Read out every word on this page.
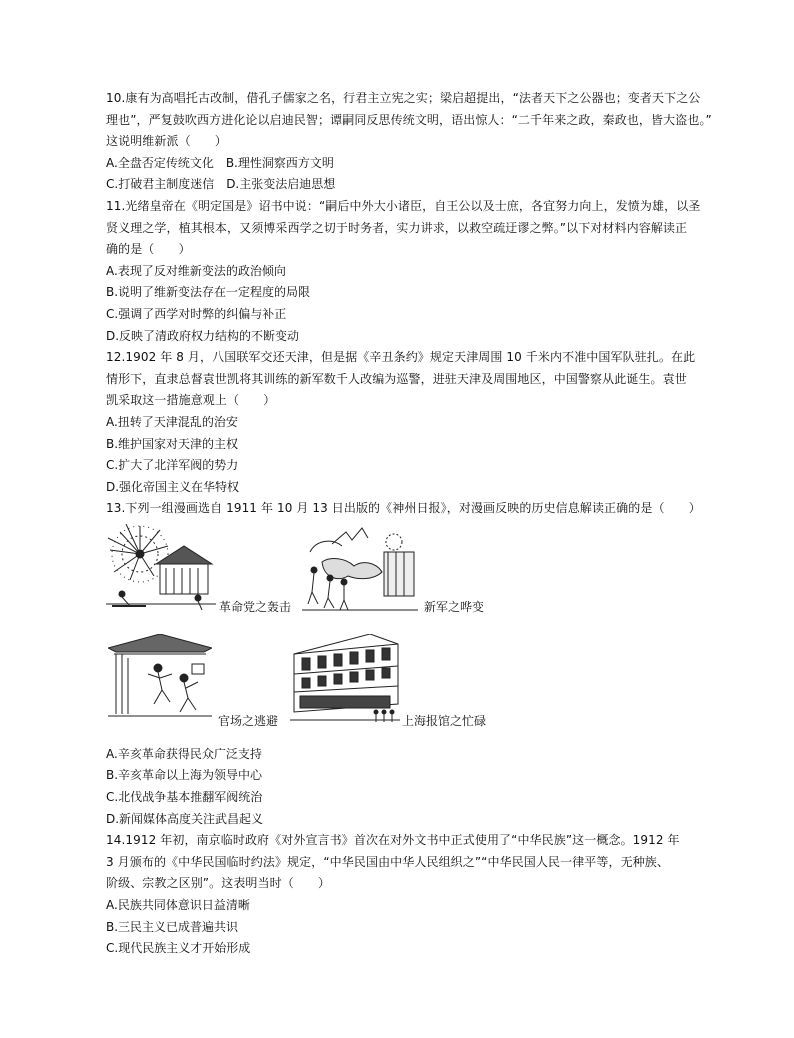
10.康有为高唱托古改制，借孔子儒家之名，行君主立宪之实；梁启超提出，“法者天下之公器也；变者天下之公
理也”，严复鼓吹西方进化论以启迪民智；谭嗣同反思传统文明，语出惊人：“二千年来之政，秦政也，皆大盗也。”
这说明维新派（　　）
A.全盘否定传统文化　B.理性洞察西方文明
C.打破君主制度迷信　D.主张变法启迪思想
11.光绪皇帝在《明定国是》诏书中说：“嗣后中外大小诸臣，自王公以及士庶，各宜努力向上，发愤为雄，以圣
贤义理之学，植其根本，又须博采西学之切于时务者，实力讲求，以救空疏迂谬之弊。”以下对材料内容解读正
确的是（　　）
A.表现了反对维新变法的政治倾向
B.说明了维新变法存在一定程度的局限
C.强调了西学对时弊的纠偏与补正
D.反映了清政府权力结构的不断变动
12.1902 年 8 月，八国联军交还天津，但是据《辛丑条约》规定天津周围 10 千米内不准中国军队驻扎。在此
情形下，直隶总督袁世凯将其训练的新军数千人改编为巡警，进驻天津及周围地区，中国警察从此诞生。袁世
凯采取这一措施意观上（　　）
A.扭转了天津混乱的治安
B.维护国家对天津的主权
C.扩大了北洋军阀的势力
D.强化帝国主义在华特权
13.下列一组漫画选自 1911 年 10 月 13 日出版的《神州日报》，对漫画反映的历史信息解读正确的是（　　）
革命党之轰击	新军之哗变
官场之逃避	上海报馆之忙碌
A.辛亥革命获得民众广泛支持
B.辛亥革命以上海为领导中心
C.北伐战争基本推翻军阀统治
D.新闻媒体高度关注武昌起义
14.1912 年初，南京临时政府《对外宣言书》首次在对外文书中正式使用了“中华民族”这一概念。1912 年
3 月颁布的《中华民国临时约法》规定，“中华民国由中华人民组织之”“中华民国人民一律平等，无种族、
阶级、宗教之区别”。这表明当时（　　）
A.民族共同体意识日益清晰
B.三民主义已成普遍共识
C.现代民族主义才开始形成
